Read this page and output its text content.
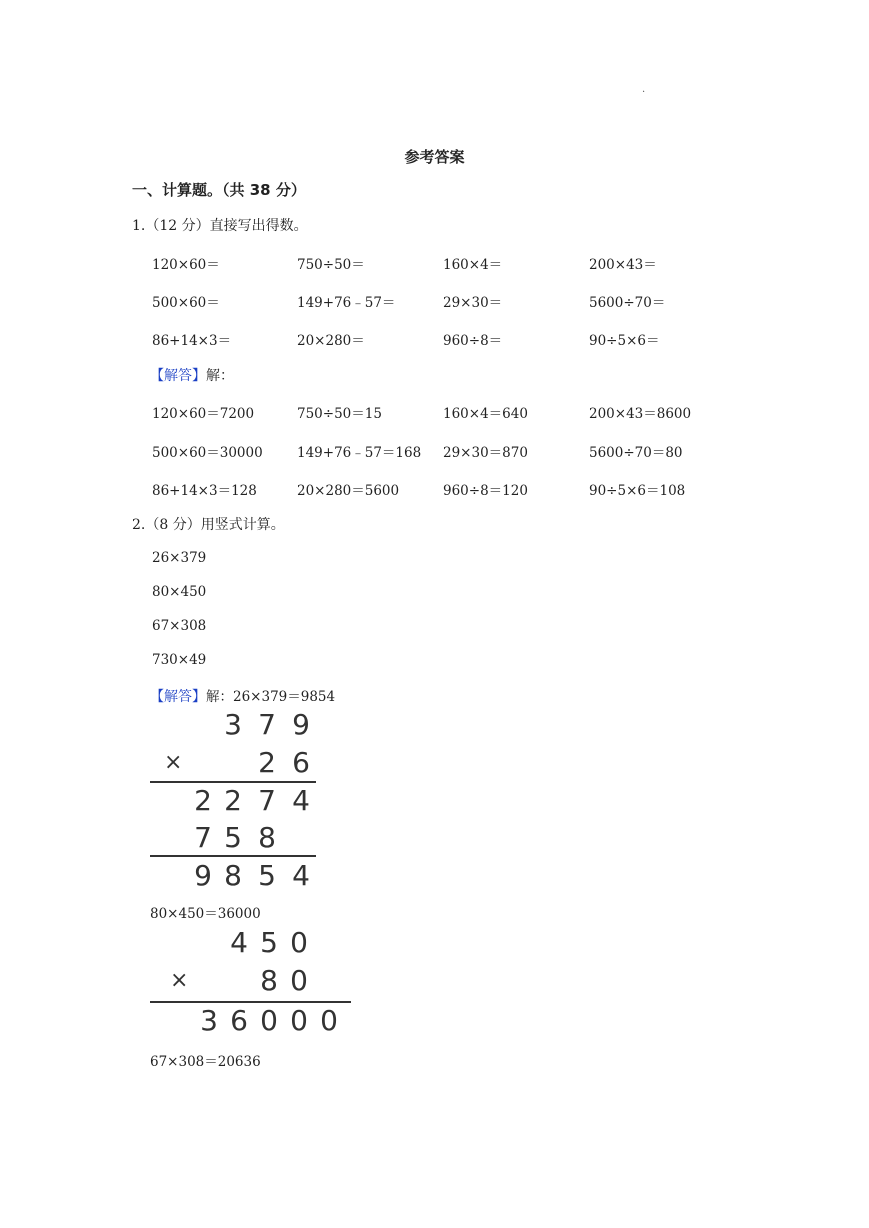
.
参考答案
一、计算题。（共 38 分）
1.（12 分）直接写出得数。
120×60＝	750÷50＝	160×4＝	200×43＝
500×60＝	149+76﹣57＝	29×30＝	5600÷70＝
86+14×3＝	20×280＝	960÷8＝	90÷5×6＝
【解答】解：
120×60＝7200	750÷50＝15	160×4＝640	200×43＝8600
500×60＝30000	149+76﹣57＝168 29×30＝870	5600÷70＝80
86+14×3＝128	20×280＝5600	960÷8＝120	90÷5×6＝108
2.（8 分）用竖式计算。
26×379
80×450
67×308
730×49
【解答】解：26×379＝9854
3 7 9
×	2 6
2 2 7 4
7 5 8
9 8 5 4
80×450＝36000
4 5 0
×	8 0
3 6 0 0 0
67×308＝20636
